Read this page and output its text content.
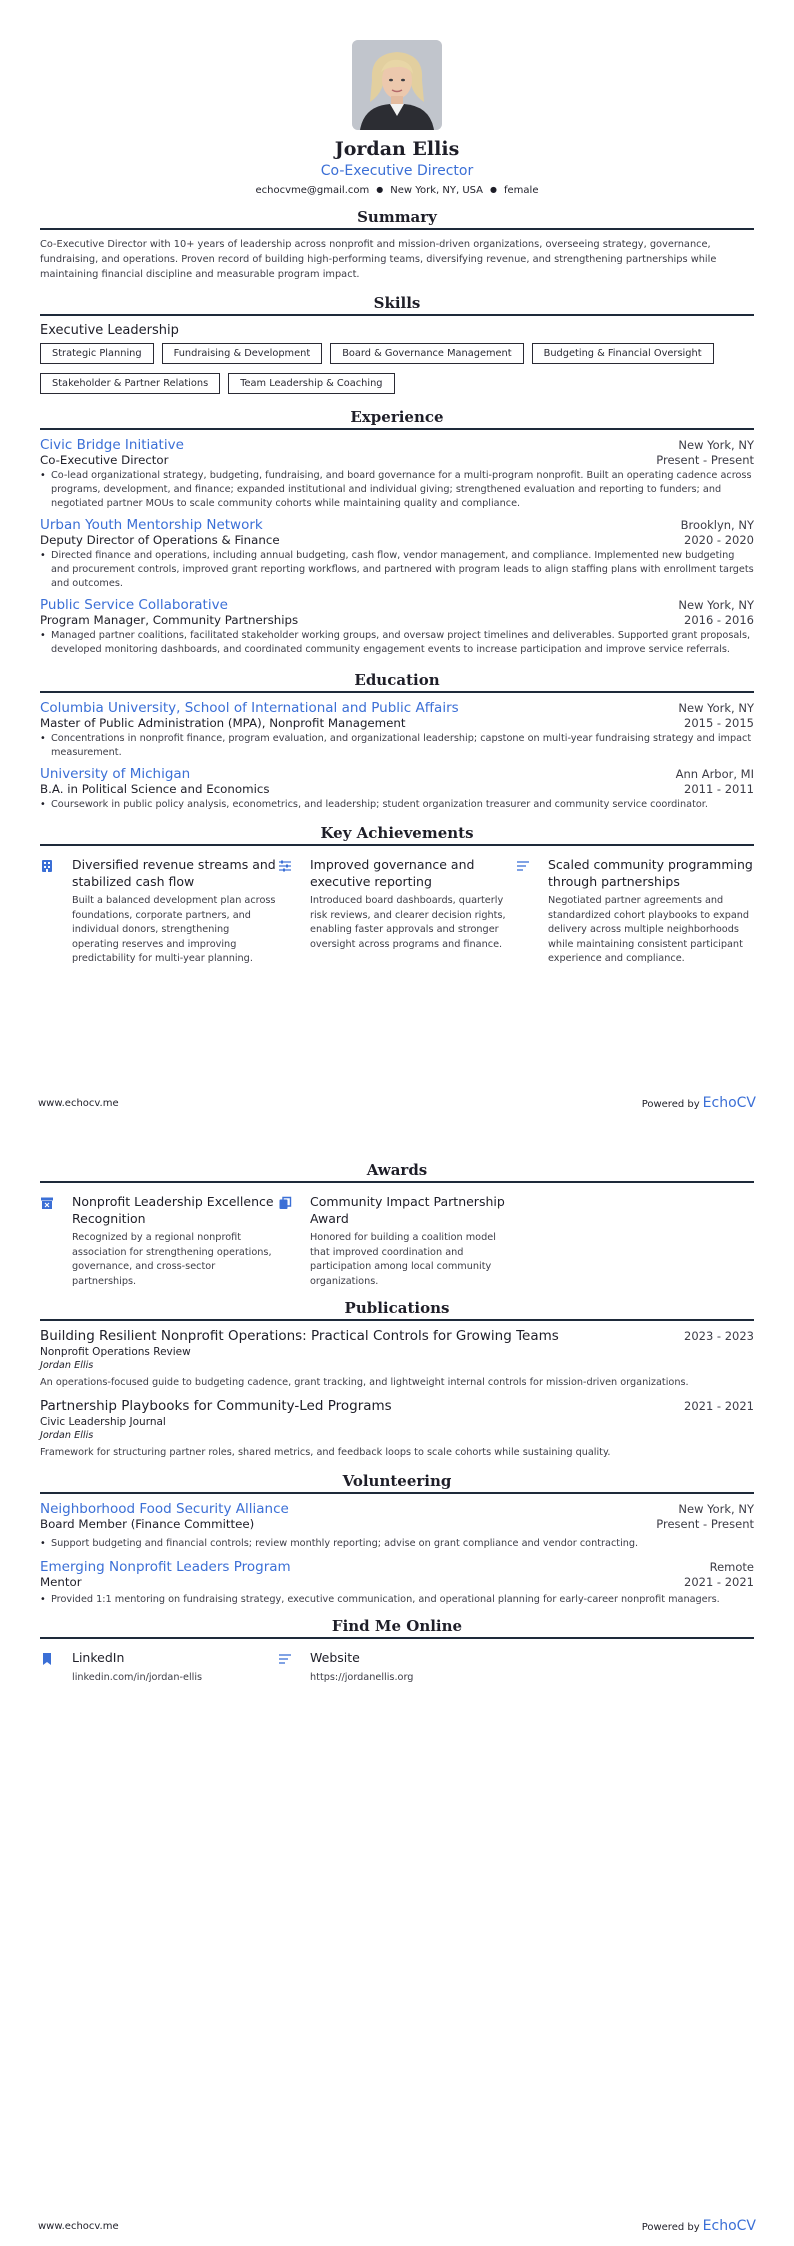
Jordan Ellis
Co-Executive Director
echocvme@gmail.com ● New York, NY, USA ● female
Summary
Co-Executive Director with 10+ years of leadership across nonprofit and mission-driven organizations, overseeing strategy, governance, fundraising, and operations. Proven record of building high-performing teams, diversifying revenue, and strengthening partnerships while maintaining financial discipline and measurable program impact.
Skills
Executive Leadership
Strategic Planning	Fundraising & Development	Board & Governance Management	Budgeting & Financial Oversight
Stakeholder & Partner Relations	Team Leadership & Coaching
Experience
Civic Bridge Initiative	New York, NY
Co-Executive Director	Present - Present
• Co-lead organizational strategy, budgeting, fundraising, and board governance for a multi-program nonprofit. Built an operating cadence across programs, development, and finance; expanded institutional and individual giving; strengthened evaluation and reporting to funders; and negotiated partner MOUs to scale community cohorts while maintaining quality and compliance.
Urban Youth Mentorship Network	Brooklyn, NY
Deputy Director of Operations & Finance	2020 - 2020
• Directed finance and operations, including annual budgeting, cash flow, vendor management, and compliance. Implemented new budgeting and procurement controls, improved grant reporting workflows, and partnered with program leads to align staffing plans with enrollment targets and outcomes.
Public Service Collaborative	New York, NY
Program Manager, Community Partnerships	2016 - 2016
• Managed partner coalitions, facilitated stakeholder working groups, and oversaw project timelines and deliverables. Supported grant proposals, developed monitoring dashboards, and coordinated community engagement events to increase participation and improve service referrals.
Education
Columbia University, School of International and Public Affairs	New York, NY
Master of Public Administration (MPA), Nonprofit Management	2015 - 2015
• Concentrations in nonprofit finance, program evaluation, and organizational leadership; capstone on multi-year fundraising strategy and impact measurement.
University of Michigan	Ann Arbor, MI
B.A. in Political Science and Economics	2011 - 2011
• Coursework in public policy analysis, econometrics, and leadership; student organization treasurer and community service coordinator.
Key Achievements
Diversified revenue streams and stabilized cash flow
Built a balanced development plan across foundations, corporate partners, and individual donors, strengthening operating reserves and improving predictability for multi-year planning.
Improved governance and executive reporting
Introduced board dashboards, quarterly risk reviews, and clearer decision rights, enabling faster approvals and stronger oversight across programs and finance.
Scaled community programming through partnerships
Negotiated partner agreements and standardized cohort playbooks to expand delivery across multiple neighborhoods while maintaining consistent participant experience and compliance.
www.echocv.me	Powered by EchoCV
Awards
Nonprofit Leadership Excellence Recognition
Recognized by a regional nonprofit association for strengthening operations, governance, and cross-sector partnerships.
Community Impact Partnership Award
Honored for building a coalition model that improved coordination and participation among local community organizations.
Publications
Building Resilient Nonprofit Operations: Practical Controls for Growing Teams	2023 - 2023
Nonprofit Operations Review
Jordan Ellis
An operations-focused guide to budgeting cadence, grant tracking, and lightweight internal controls for mission-driven organizations.
Partnership Playbooks for Community-Led Programs	2021 - 2021
Civic Leadership Journal
Jordan Ellis
Framework for structuring partner roles, shared metrics, and feedback loops to scale cohorts while sustaining quality.
Volunteering
Neighborhood Food Security Alliance	New York, NY
Board Member (Finance Committee)	Present - Present
• Support budgeting and financial controls; review monthly reporting; advise on grant compliance and vendor contracting.
Emerging Nonprofit Leaders Program	Remote
Mentor	2021 - 2021
• Provided 1:1 mentoring on fundraising strategy, executive communication, and operational planning for early-career nonprofit managers.
Find Me Online
LinkedIn
linkedin.com/in/jordan-ellis
Website
https://jordanellis.org
www.echocv.me	Powered by EchoCV
